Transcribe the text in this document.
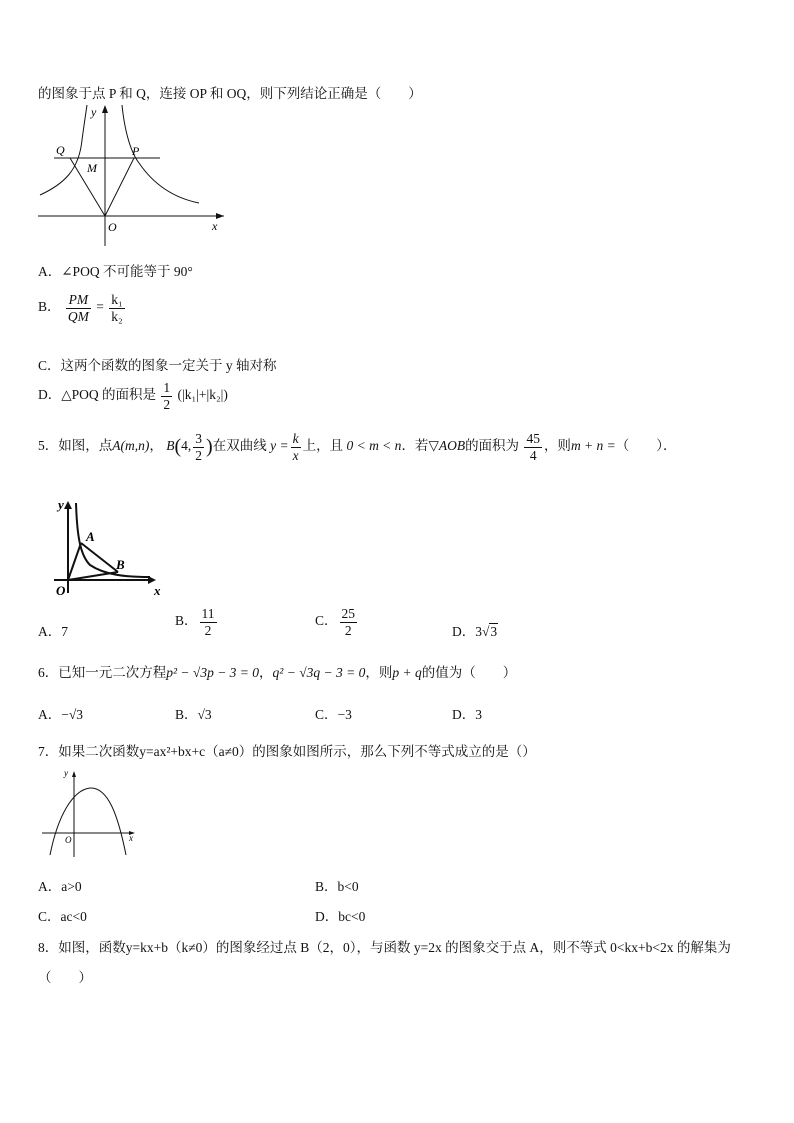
的图象于点 P 和 Q，连接 OP 和 OQ，则下列结论正确是（　　）
y
x
O
Q	P
M
A．∠POQ 不可能等于 90°
B． $\frac{PM}{QM} = \frac{\text{k₁}}{\text{k₂}}$
C．这两个函数的图象一定关于 y 轴对称
D．△POQ 的面积是 $\frac{1}{2} (|k_1|+|k_2|)$
5．如图，点A(m,n)， B(4, $\frac{3}{2}$ )在双曲线 $y = \frac{k}{x}$ 上，且 0 < m < n．若▽AOB的面积为 $\frac{45}{4}$ ，则m + n =（　　）．
y
x
O
A
B
A．7
B． $\frac{11}{2}$	C． $\frac{25}{2}$	D．3√3
6．已知一元二次方程p² − √3p − 3 = 0，q² − √3q − 3 = 0，则p + q的值为（　　）
A．−√3	B．√3	C．−3	D．3
7．如果二次函数y=ax²+bx+c（a≠0）的图象如图所示，那么下列不等式成立的是（）
y
x
O
A．a>0	B．b<0
C．ac<0	D．bc<0
8．如图，函数y=kx+b（k≠0）的图象经过点 B（2，0），与函数 y=2x 的图象交于点 A，则不等式 0<kx+b<2x 的解集为
（　　）
